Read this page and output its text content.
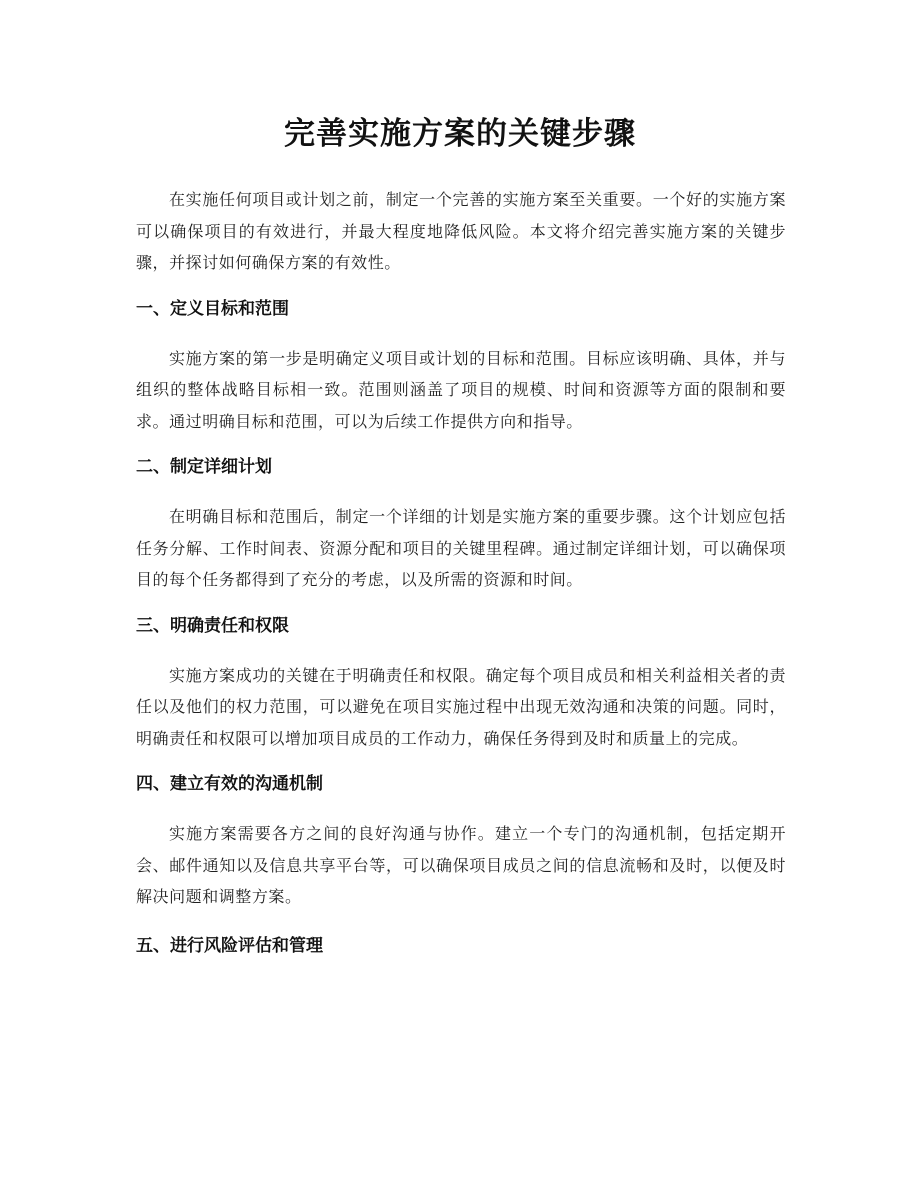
完善实施方案的关键步骤

在实施任何项目或计划之前，制定一个完善的实施方案至关重要。一个好的实施方案可以确保项目的有效进行，并最大程度地降低风险。本文将介绍完善实施方案的关键步骤，并探讨如何确保方案的有效性。

一、定义目标和范围

实施方案的第一步是明确定义项目或计划的目标和范围。目标应该明确、具体，并与组织的整体战略目标相一致。范围则涵盖了项目的规模、时间和资源等方面的限制和要求。通过明确目标和范围，可以为后续工作提供方向和指导。

二、制定详细计划

在明确目标和范围后，制定一个详细的计划是实施方案的重要步骤。这个计划应包括任务分解、工作时间表、资源分配和项目的关键里程碑。通过制定详细计划，可以确保项目的每个任务都得到了充分的考虑，以及所需的资源和时间。

三、明确责任和权限

实施方案成功的关键在于明确责任和权限。确定每个项目成员和相关利益相关者的责任以及他们的权力范围，可以避免在项目实施过程中出现无效沟通和决策的问题。同时，明确责任和权限可以增加项目成员的工作动力，确保任务得到及时和质量上的完成。

四、建立有效的沟通机制

实施方案需要各方之间的良好沟通与协作。建立一个专门的沟通机制，包括定期开会、邮件通知以及信息共享平台等，可以确保项目成员之间的信息流畅和及时，以便及时解决问题和调整方案。

五、进行风险评估和管理
